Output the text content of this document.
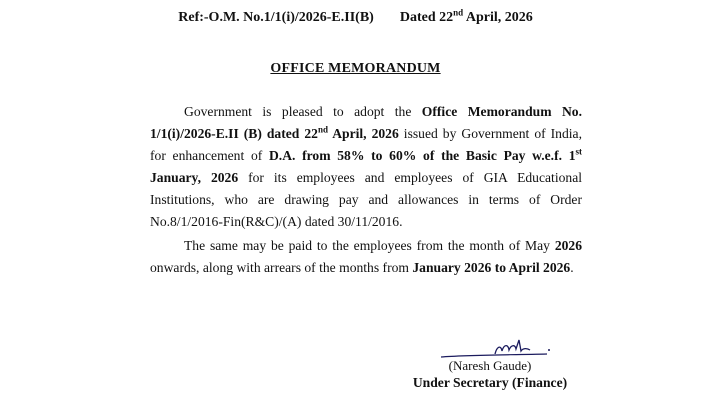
Ref:-O.M. No.1/1(i)/2026-E.II(B) Dated 22nd April, 2026
OFFICE MEMORANDUM
Government is pleased to adopt the Office Memorandum No. 1/1(i)/2026-E.II (B) dated 22nd April, 2026 issued by Government of India, for enhancement of D.A. from 58% to 60% of the Basic Pay w.e.f. 1st January, 2026 for its employees and employees of GIA Educational Institutions, who are drawing pay and allowances in terms of Order No.8/1/2016-Fin(R&C)/(A) dated 30/11/2016.
The same may be paid to the employees from the month of May 2026 onwards, along with arrears of the months from January 2026 to April 2026.
(Naresh Gaude)
Under Secretary (Finance)
